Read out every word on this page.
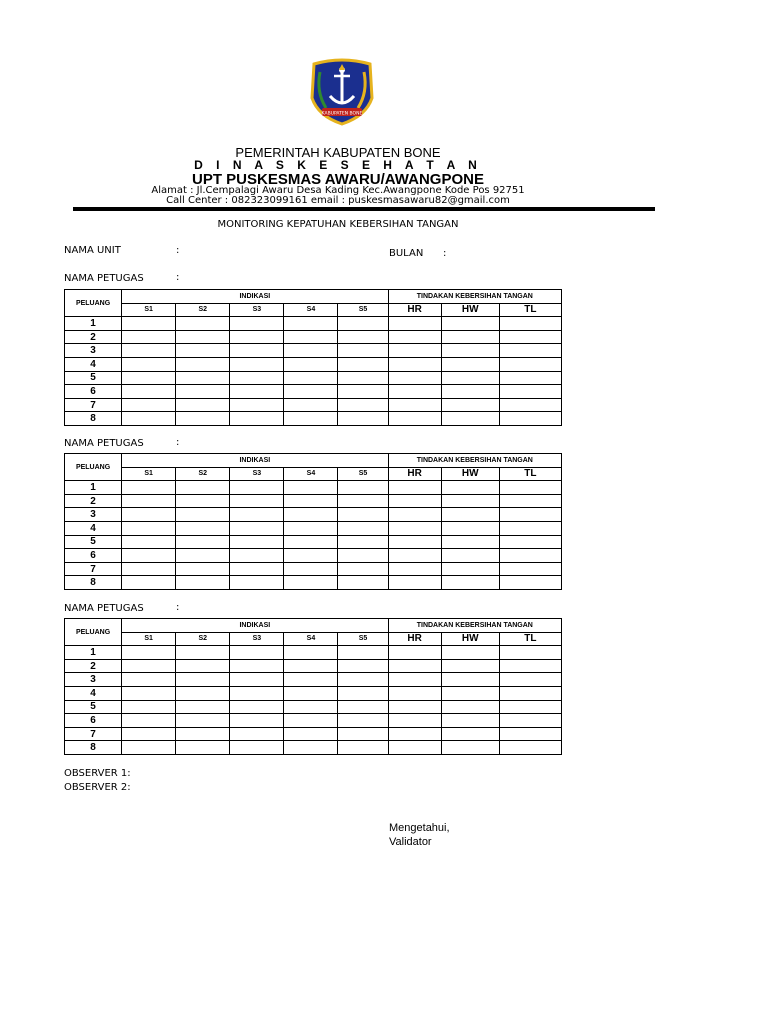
KABUPATEN BONE
PEMERINTAH KABUPATEN BONE
D I N A S K E S E H A T A N
UPT PUSKESMAS AWARU/AWANGPONE
Alamat : Jl.Cempalagi Awaru Desa Kading Kec.Awangpone Kode Pos 92751
Call Center : 082323099161 email : puskesmasawaru82@gmail.com
MONITORING KEPATUHAN KEBERSIHAN TANGAN
NAMA UNIT	:	BULAN :
NAMA PETUGAS	:
PELUANG	INDIKASI					TINDAKAN KEBERSIHAN TANGAN		
	S1	S2	S3	S4	S5	HR	HW	TL
1								
2								
3								
4								
5								
6								
7								
8								
NAMA PETUGAS	:
PELUANG	INDIKASI					TINDAKAN KEBERSIHAN TANGAN		
	S1	S2	S3	S4	S5	HR	HW	TL
1								
2								
3								
4								
5								
6								
7								
8								
NAMA PETUGAS	:
PELUANG	INDIKASI					TINDAKAN KEBERSIHAN TANGAN		
	S1	S2	S3	S4	S5	HR	HW	TL
1								
2								
3								
4								
5								
6								
7								
8								
OBSERVER 1:
OBSERVER 2:
Mengetahui,
Validator
